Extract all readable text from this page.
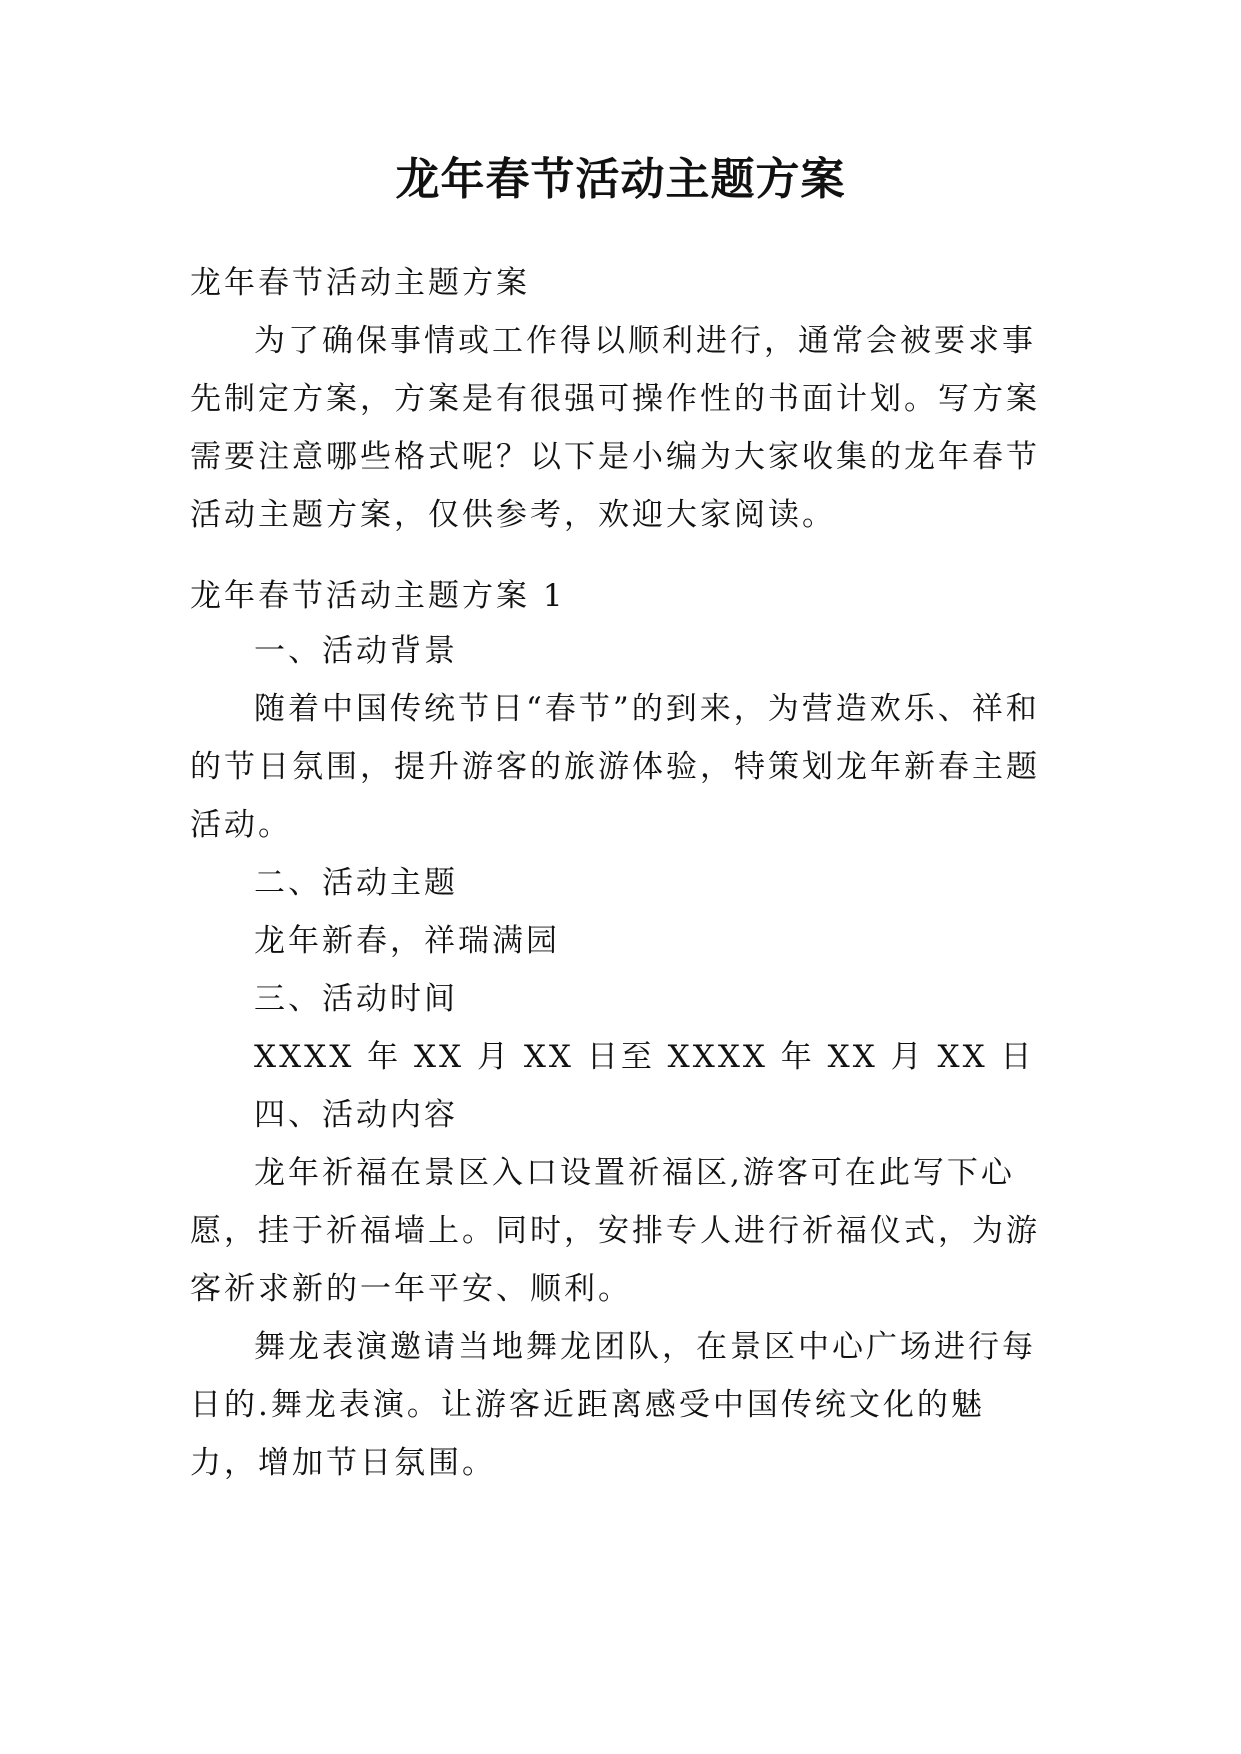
龙年春节活动主题方案

龙年春节活动主题方案

为了确保事情或工作得以顺利进行，通常会被要求事先制定方案，方案是有很强可操作性的书面计划。写方案需要注意哪些格式呢？以下是小编为大家收集的龙年春节活动主题方案，仅供参考，欢迎大家阅读。

龙年春节活动主题方案 1

一、活动背景

随着中国传统节日“春节”的到来，为营造欢乐、祥和的节日氛围，提升游客的旅游体验，特策划龙年新春主题活动。

二、活动主题

龙年新春，祥瑞满园

三、活动时间

XXXX 年 XX 月 XX 日至 XXXX 年 XX 月 XX 日

四、活动内容

龙年祈福在景区入口设置祈福区,游客可在此写下心愿，挂于祈福墙上。同时，安排专人进行祈福仪式，为游客祈求新的一年平安、顺利。

舞龙表演邀请当地舞龙团队，在景区中心广场进行每日的.舞龙表演。让游客近距离感受中国传统文化的魅力，增加节日氛围。
